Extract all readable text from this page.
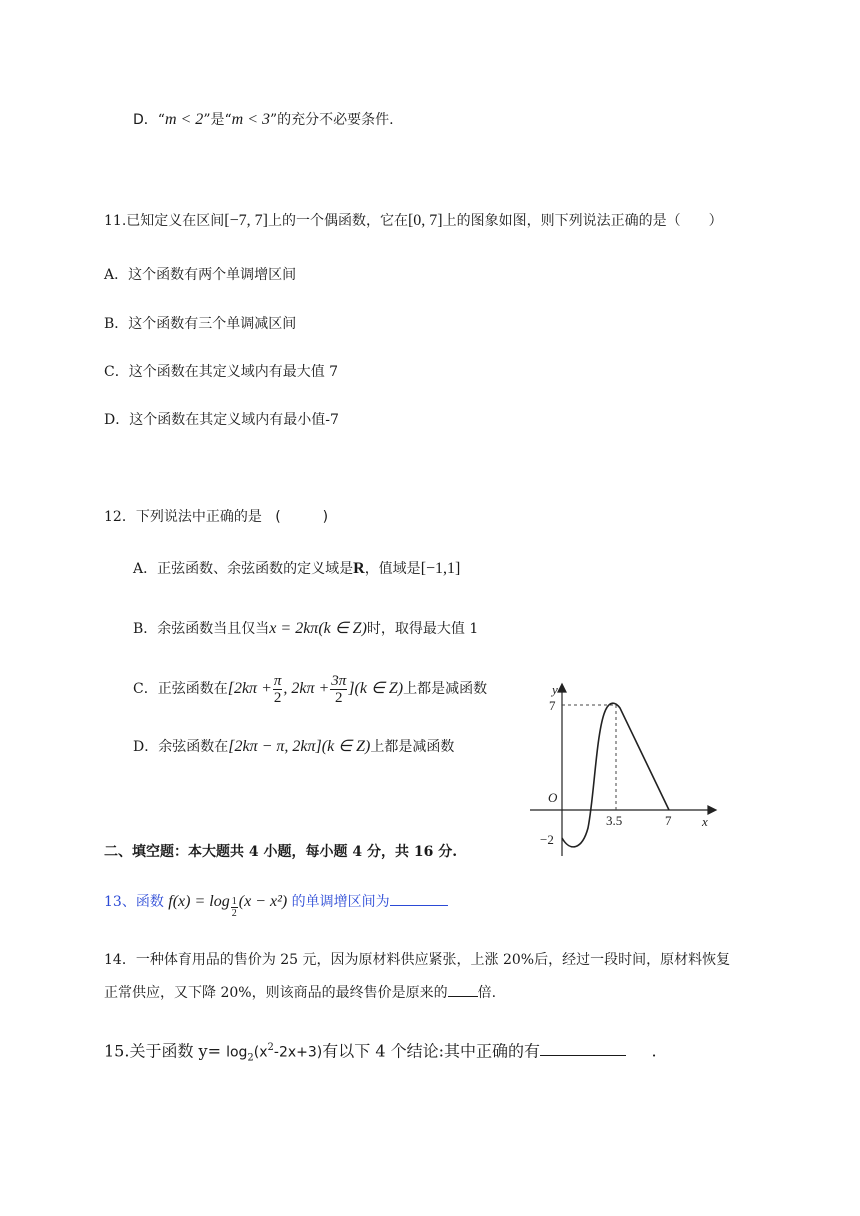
D．“m < 2”是“m < 3”的充分不必要条件.
11.已知定义在区间[−7, 7]上的一个偶函数，它在[0, 7]上的图象如图，则下列说法正确的是（　　）
A．这个函数有两个单调增区间
B．这个函数有三个单调减区间
C．这个函数在其定义域内有最大值 7
D．这个函数在其定义域内有最小值-7
12．下列说法中正确的是 (　　　)
A．正弦函数、余弦函数的定义域是R，值域是[−1,1]
B．余弦函数当且仅当x = 2kπ(k ∈ Z)时，取得最大值 1
C．正弦函数在[$2k\pi + \frac{\pi}{2}$ , $2k\pi + \frac{3\pi}{2} ](k$ ∈ Z)上都是减函数
D．余弦函数在[2kπ − π, 2kπ](k ∈ Z)上都是减函数
y
x
O
7
−2
3.5	7
二、填空题：本大题共 4 小题，每小题 4 分，共 16 分.
13、函数 $f(x) = \log \frac{1}{2} (x - x^2)$ 的单调增区间为
14．一种体育用品的售价为 25 元，因为原材料供应紧张，上涨 20%后，经过一段时间，原材料恢复
正常供应，又下降 20%，则该商品的最终售价是原来的 倍.
15.关于函数 $y= \log_2(x^2-2x+3)$有以下 4 个结论:其中正确的有	.
